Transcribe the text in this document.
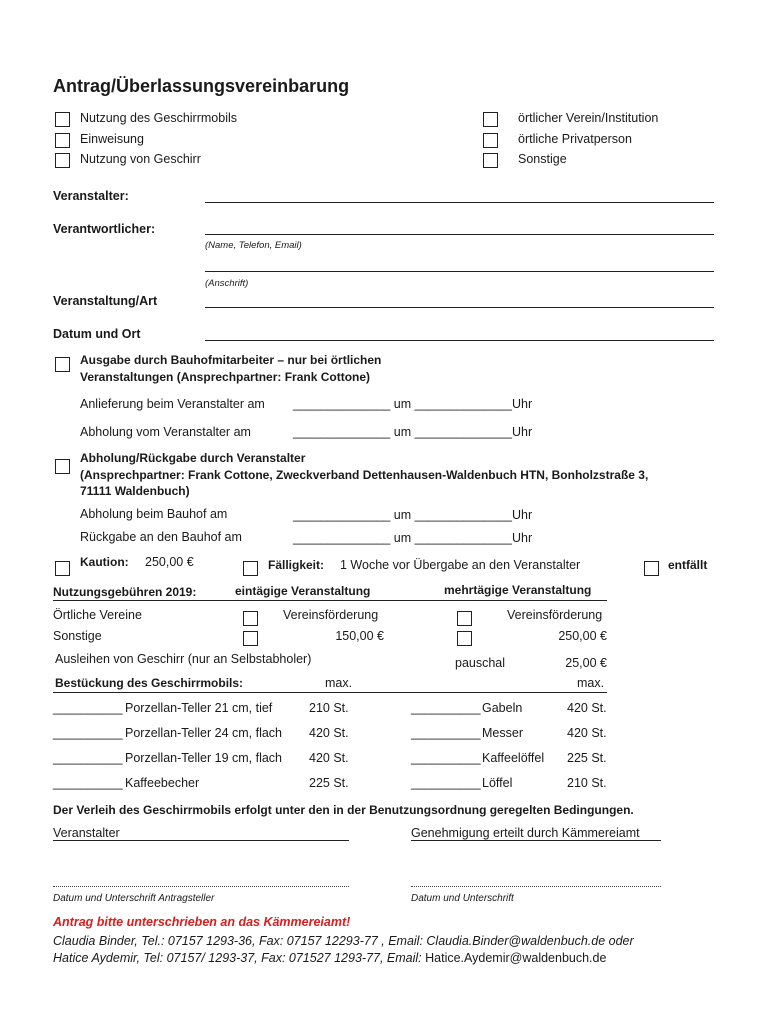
Antrag/Überlassungsvereinbarung
Nutzung des Geschirrmobils
Einweisung
Nutzung von Geschirr
örtlicher Verein/Institution
örtliche Privatperson
Sonstige
Veranstalter:
Verantwortlicher:
(Name, Telefon, Email)
(Anschrift)
Veranstaltung/Art
Datum und Ort
Ausgabe durch Bauhofmitarbeiter – nur bei örtlichen
Veranstaltungen (Ansprechpartner: Frank Cottone)
Anlieferung beim Veranstalter am ______________ um ______________Uhr
Abholung vom Veranstalter am	______________ um ______________Uhr
Abholung/Rückgabe durch Veranstalter
(Ansprechpartner: Frank Cottone, Zweckverband Dettenhausen-Waldenbuch HTN, Bonholzstraße 3,
71111 Waldenbuch)
Abholung beim Bauhof am	______________ um ______________Uhr
Rückgabe an den Bauhof am	______________ um ______________Uhr
Kaution: 250,00 €	Fälligkeit: 1 Woche vor Übergabe an den Veranstalter	entfällt
Nutzungsgebühren 2019:	eintägige Veranstaltung	mehrtägige Veranstaltung
Örtliche Vereine	Vereinsförderung	Vereinsförderung
Sonstige	150,00 €	250,00 €
Ausleihen von Geschirr (nur an Selbstabholer)	pauschal	25,00 €
Bestückung des Geschirrmobils:	max.	max.
__________ Porzellan-Teller 21 cm, tief	210 St.
__________ Porzellan-Teller 24 cm, flach 420 St.
__________ Porzellan-Teller 19 cm, flach 420 St.
__________ Kaffeebecher	225 St.
__________ Gabeln	420 St.
__________ Messer	420 St.
__________ Kaffeelöffel 225 St.
__________ Löffel	210 St.
Der Verleih des Geschirrmobils erfolgt unter den in der Benutzungsordnung geregelten Bedingungen.
Veranstalter	Genehmigung erteilt durch Kämmereiamt
Datum und Unterschrift Antragsteller	Datum und Unterschrift
Antrag bitte unterschrieben an das Kämmereiamt!
Claudia Binder, Tel.: 07157 1293-36, Fax: 07157 12293-77 , Email: Claudia.Binder@waldenbuch.de oder
Hatice Aydemir, Tel: 07157/ 1293-37, Fax: 071527 1293-77, Email: Hatice.Aydemir@waldenbuch.de
